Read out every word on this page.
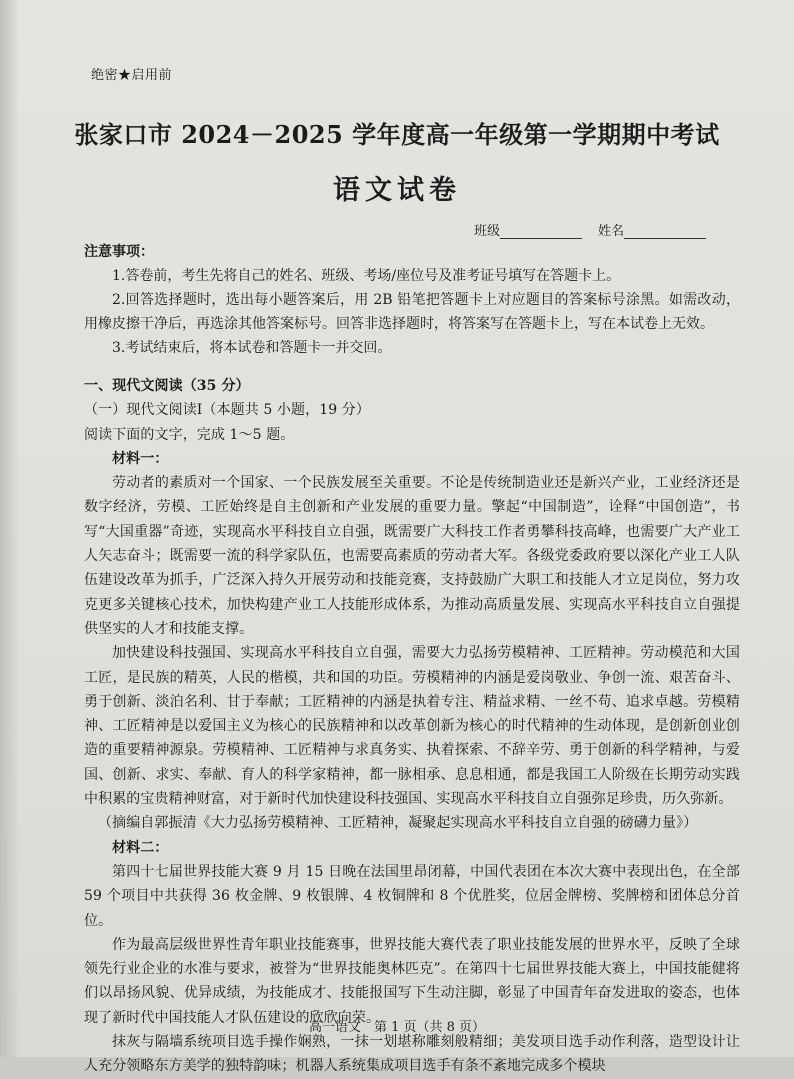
绝密★启用前
张家口市 2024－2025 学年度高一年级第一学期期中考试
语文试卷
班级	姓名
注意事项：

1.答卷前，考生先将自己的姓名、班级、考场/座位号及准考证号填写在答题卡上。

2.回答选择题时，选出每小题答案后，用 2B 铅笔把答题卡上对应题目的答案标号涂黑。如需改动，用橡皮擦干净后，再选涂其他答案标号。回答非选择题时，将答案写在答题卡上，写在本试卷上无效。

3.考试结束后，将本试卷和答题卡一并交回。

一、现代文阅读（35 分）
（一）现代文阅读Ⅰ（本题共 5 小题，19 分）
阅读下面的文字，完成 1～5 题。
材料一：

劳动者的素质对一个国家、一个民族发展至关重要。不论是传统制造业还是新兴产业，工业经济还是数字经济，劳模、工匠始终是自主创新和产业发展的重要力量。擎起“中国制造”，诠释“中国创造”，书写“大国重器”奇迹，实现高水平科技自立自强，既需要广大科技工作者勇攀科技高峰，也需要广大产业工人矢志奋斗；既需要一流的科学家队伍，也需要高素质的劳动者大军。各级党委政府要以深化产业工人队伍建设改革为抓手，广泛深入持久开展劳动和技能竞赛，支持鼓励广大职工和技能人才立足岗位，努力攻克更多关键核心技术，加快构建产业工人技能形成体系，为推动高质量发展、实现高水平科技自立自强提供坚实的人才和技能支撑。

加快建设科技强国、实现高水平科技自立自强，需要大力弘扬劳模精神、工匠精神。劳动模范和大国工匠，是民族的精英，人民的楷模，共和国的功臣。劳模精神的内涵是爱岗敬业、争创一流、艰苦奋斗、勇于创新、淡泊名利、甘于奉献；工匠精神的内涵是执着专注、精益求精、一丝不苟、追求卓越。劳模精神、工匠精神是以爱国主义为核心的民族精神和以改革创新为核心的时代精神的生动体现，是创新创业创造的重要精神源泉。劳模精神、工匠精神与求真务实、执着探索、不辞辛劳、勇于创新的科学精神，与爱国、创新、求实、奉献、育人的科学家精神，都一脉相承、息息相通，都是我国工人阶级在长期劳动实践中积累的宝贵精神财富，对于新时代加快建设科技强国、实现高水平科技自立自强弥足珍贵，历久弥新。

（摘编自郭振清《大力弘扬劳模精神、工匠精神，凝聚起实现高水平科技自立自强的磅礴力量》）

材料二：

第四十七届世界技能大赛 9 月 15 日晚在法国里昂闭幕，中国代表团在本次大赛中表现出色，在全部 59 个项目中共获得 36 枚金牌、9 枚银牌、4 枚铜牌和 8 个优胜奖，位居金牌榜、奖牌榜和团体总分首位。

作为最高层级世界性青年职业技能赛事，世界技能大赛代表了职业技能发展的世界水平，反映了全球领先行业企业的水准与要求，被誉为“世界技能奥林匹克”。在第四十七届世界技能大赛上，中国技能健将们以昂扬风貌、优异成绩，为技能成才、技能报国写下生动注脚，彰显了中国青年奋发进取的姿态，也体现了新时代中国技能人才队伍建设的欣欣向荣。

抹灰与隔墙系统项目选手操作娴熟，一抹一划堪称雕刻般精细；美发项目选手动作利落，造型设计让人充分领略东方美学的独特韵味；机器人系统集成项目选手有条不紊地完成多个模块

高一语文　第 1 页（共 8 页）
